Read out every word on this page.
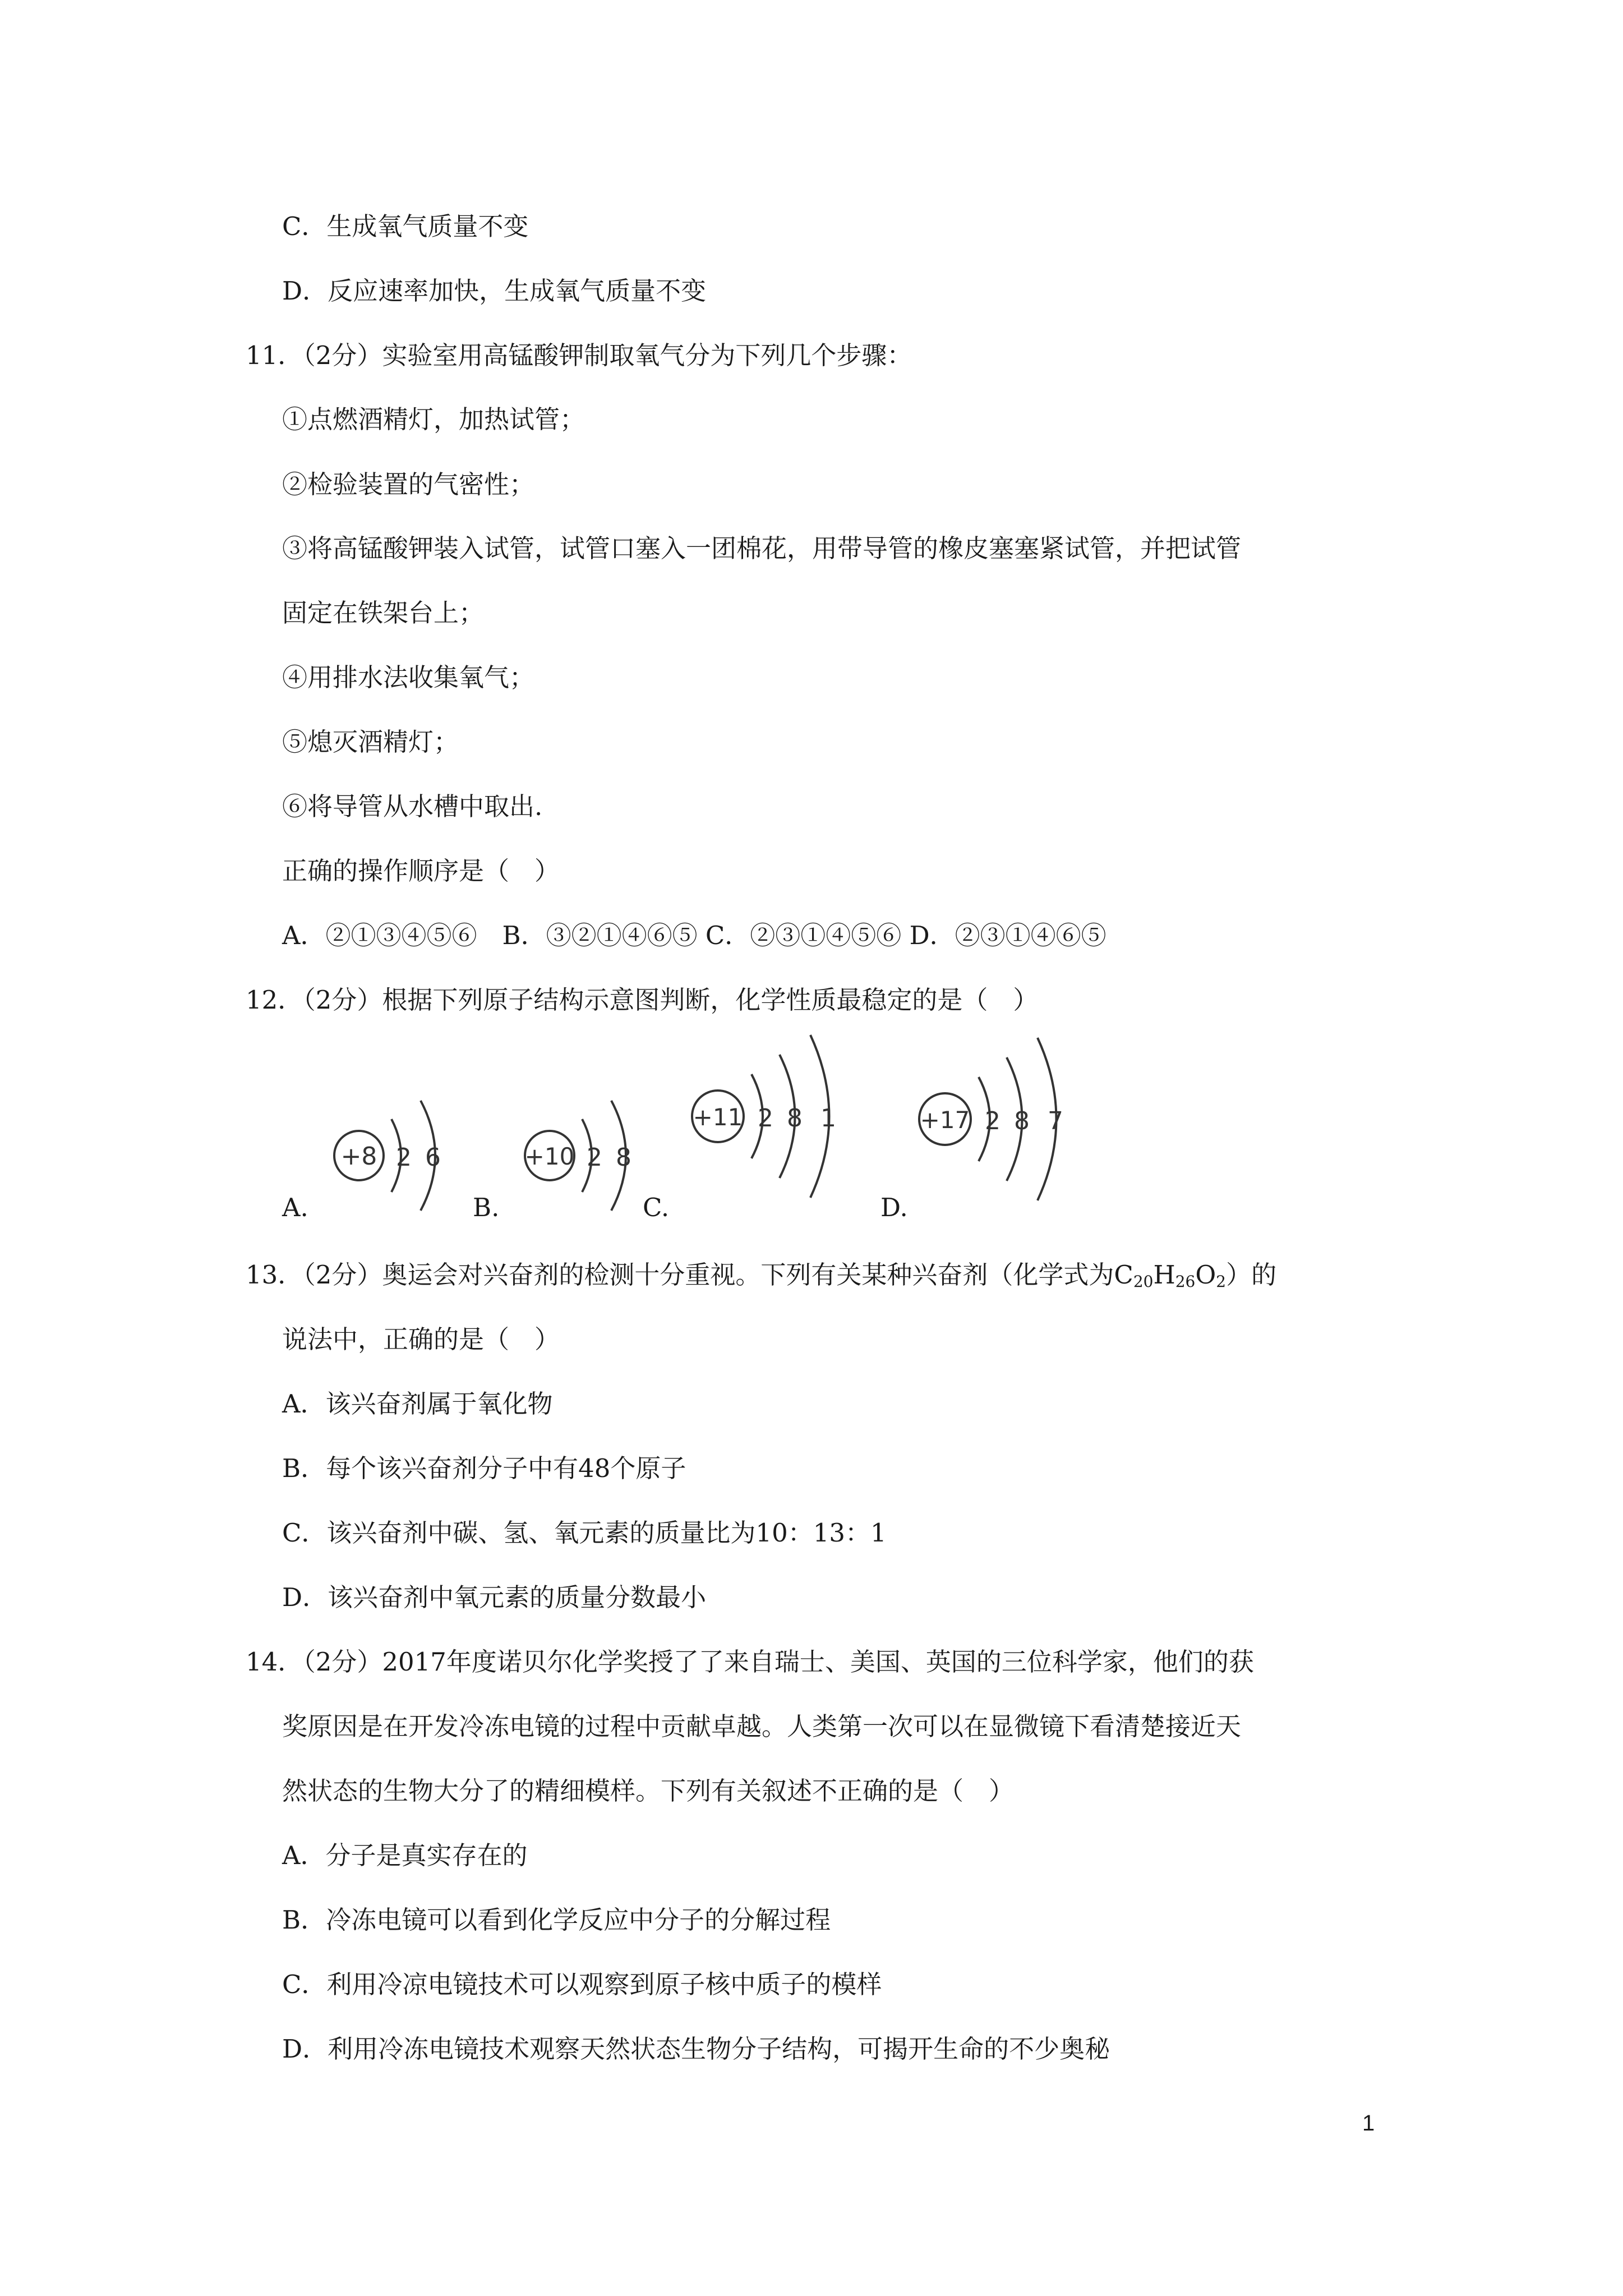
C．生成氧气质量不变
D．反应速率加快，生成氧气质量不变
11．（2分）实验室用高锰酸钾制取氧气分为下列几个步骤：
①点燃酒精灯，加热试管；
②检验装置的气密性；
③将高锰酸钾装入试管，试管口塞入一团棉花，用带导管的橡皮塞塞紧试管，并把试管
固定在铁架台上；
④用排水法收集氧气；
⑤熄灭酒精灯；
⑥将导管从水槽中取出.
正确的操作顺序是（　）
A．②①③④⑤⑥　B．③②①④⑥⑤ C．②③①④⑤⑥ D．②③①④⑥⑤
12．（2分）根据下列原子结构示意图判断，化学性质最稳定的是（　）
+8 2 6
A.
+10 2 8
B.
+11 2 8 1
C.
+17 2 8 7
D.
13．（2分）奥运会对兴奋剂的检测十分重视。下列有关某种兴奋剂（化学式为$C_{20}H_{26}O_2$）的
说法中，正确的是（　）
A．该兴奋剂属于氧化物
B．每个该兴奋剂分子中有48个原子
C．该兴奋剂中碳、氢、氧元素的质量比为10：13：1
D．该兴奋剂中氧元素的质量分数最小
14．（2分）2017年度诺贝尔化学奖授了了来自瑞士、美国、英国的三位科学家，他们的获
奖原因是在开发冷冻电镜的过程中贡献卓越。人类第一次可以在显微镜下看清楚接近天
然状态的生物大分了的精细模样。下列有关叙述不正确的是（　）
A．分子是真实存在的
B．冷冻电镜可以看到化学反应中分子的分解过程
C．利用冷凉电镜技术可以观察到原子核中质子的模样
D．利用冷冻电镜技术观察天然状态生物分子结构，可揭开生命的不少奥秘
1
